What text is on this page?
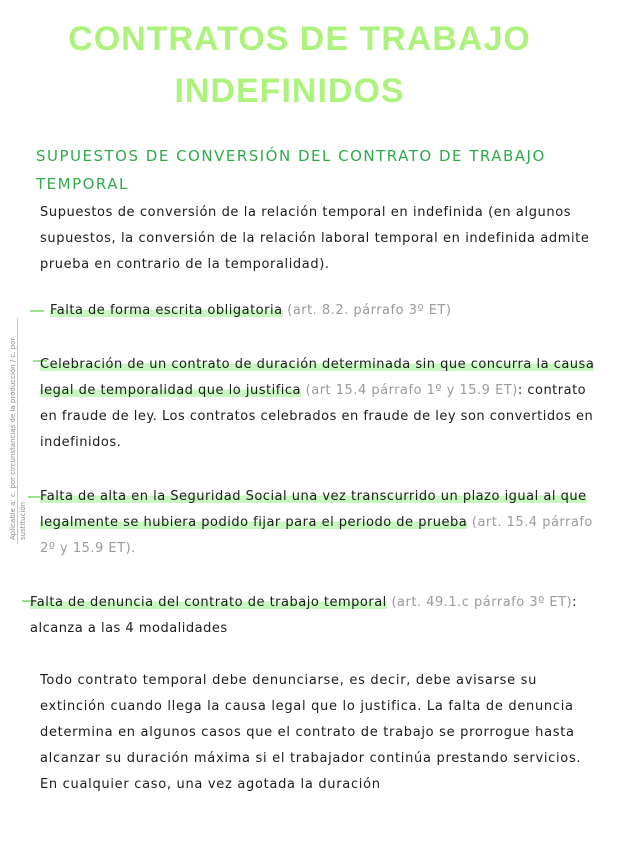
CONTRATOS DE TRABAJO
INDEFINIDOS
SUPUESTOS DE CONVERSIÓN DEL CONTRATO DE TRABAJO TEMPORAL
Supuestos de conversión de la relación temporal en indefinida (en algunos supuestos, la conversión de la relación laboral temporal en indefinida admite prueba en contrario de la temporalidad).
Aplicable a: c. por circunstancias de la producción / c. por sustitución
Falta de forma escrita obligatoria (art. 8.2. párrafo 3º ET)
Celebración de un contrato de duración determinada sin que concurra la causa legal de temporalidad que lo justifica (art 15.4 párrafo 1º y 15.9 ET): contrato en fraude de ley. Los contratos celebrados en fraude de ley son convertidos en indefinidos.
Falta de alta en la Seguridad Social una vez transcurrido un plazo igual al que legalmente se hubiera podido fijar para el periodo de prueba (art. 15.4 párrafo 2º y 15.9 ET).
Falta de denuncia del contrato de trabajo temporal (art. 49.1.c párrafo 3º ET): alcanza a las 4 modalidades
Todo contrato temporal debe denunciarse, es decir, debe avisarse su extinción cuando llega la causa legal que lo justifica. La falta de denuncia determina en algunos casos que el contrato de trabajo se prorrogue hasta alcanzar su duración máxima si el trabajador continúa prestando servicios. En cualquier caso, una vez agotada la duración
